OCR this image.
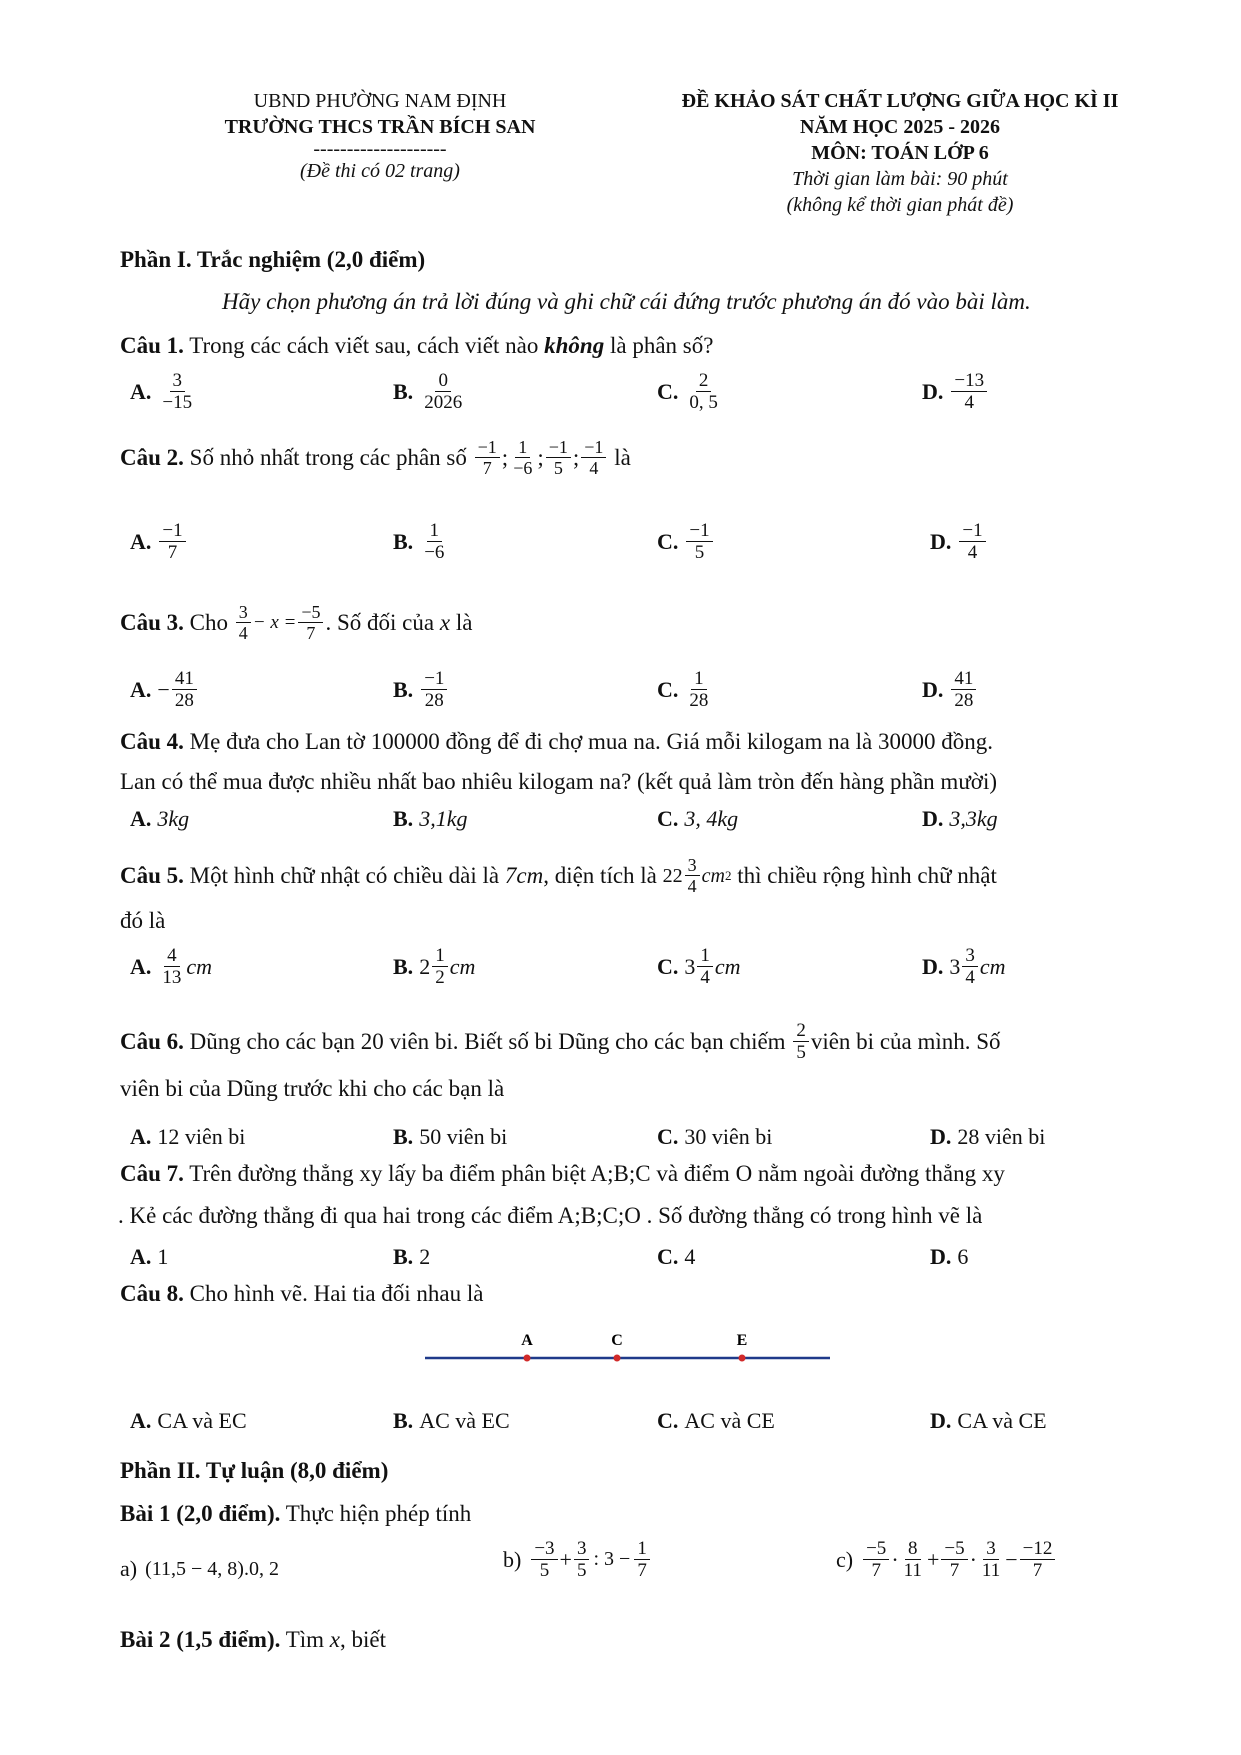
UBND PHƯỜNG NAM ĐỊNH
TRƯỜNG THCS TRẦN BÍCH SAN
--------------------
(Đề thi có 02 trang)
ĐỀ KHẢO SÁT CHẤT LƯỢNG GIỮA HỌC KÌ II
NĂM HỌC 2025 - 2026
MÔN: TOÁN LỚP 6
Thời gian làm bài: 90 phút
(không kể thời gian phát đề)
Phần I. Trắc nghiệm (2,0 điểm)
Hãy chọn phương án trả lời đúng và ghi chữ cái đứng trước phương án đó vào bài làm.
Câu 1. Trong các cách viết sau, cách viết nào không là phân số?
A. $\frac{3}{-15}$	B. $\frac{0}{2026}$	C. $\frac{2}{0, 5}$	D. $\frac{-13}{4}$
Câu 2. Số nhỏ nhất trong các phân số $\frac{-1}{7}$ ; $\frac{1}{-6}$ ; $\frac{-1}{5}$ ; $\frac{-1}{4}$ là
A. $\frac{-1}{7}$	B. $\frac{1}{-6}$	C. $\frac{-1}{5}$	D. $\frac{-1}{4}$
Câu 3. Cho $\frac{3}{4} - x = \frac{-5}{7}$ . Số đối của x là
A. − $\frac{41}{28}$	B. $\frac{-1}{28}$	C. $\frac{1}{28}$	D. $\frac{41}{28}$
Câu 4. Mẹ đưa cho Lan tờ 100000 đồng để đi chợ mua na. Giá mỗi kilogam na là 30000 đồng.
Lan có thể mua được nhiều nhất bao nhiêu kilogam na? (kết quả làm tròn đến hàng phần mười)
A. 3kg	B. 3,1kg	C. 3, 4kg	D. 3,3kg
Câu 5. Một hình chữ nhật có chiều dài là 7cm , diện tích là $22 \frac{3}{4}$ cm 2 thì chiều rộng hình chữ nhật
đó là
A. $\frac{4}{13}$ cm	B. $2 \frac{1}{2}$ cm	C. $3 \frac{1}{4}$ cm	D. $3 \frac{3}{4}$ cm
Câu 6. Dũng cho các bạn 20 viên bi. Biết số bi Dũng cho các bạn chiếm $\frac{2}{5}$ viên bi của mình. Số
viên bi của Dũng trước khi cho các bạn là
A. 12 viên bi	B. 50 viên bi	C. 30 viên bi	D. 28 viên bi
Câu 7. Trên đường thẳng xy lấy ba điểm phân biệt A;B;C và điểm O nằm ngoài đường thẳng xy
. Kẻ các đường thẳng đi qua hai trong các điểm A;B;C;O . Số đường thẳng có trong hình vẽ là
A. 1	B. 2	C. 4	D. 6
Câu 8. Cho hình vẽ. Hai tia đối nhau là
A	C	E
A. CA và EC	B. AC và EC	C. AC và CE	D. CA và CE
Phần II. Tự luận (8,0 điểm)
Bài 1 (2,0 điểm). Thực hiện phép tính
a) (11,5 − 4, 8).0, 2	$b) \frac{-3}{5} + \frac{3}{5}$ : $3 - \frac{1}{7}$	$c) \frac{-5}{7} \cdot \frac{8}{11} + \frac{-5}{7} \cdot \frac{3}{11} - \frac{-12}{7}$
Bài 2 (1,5 điểm). Tìm x, biết
